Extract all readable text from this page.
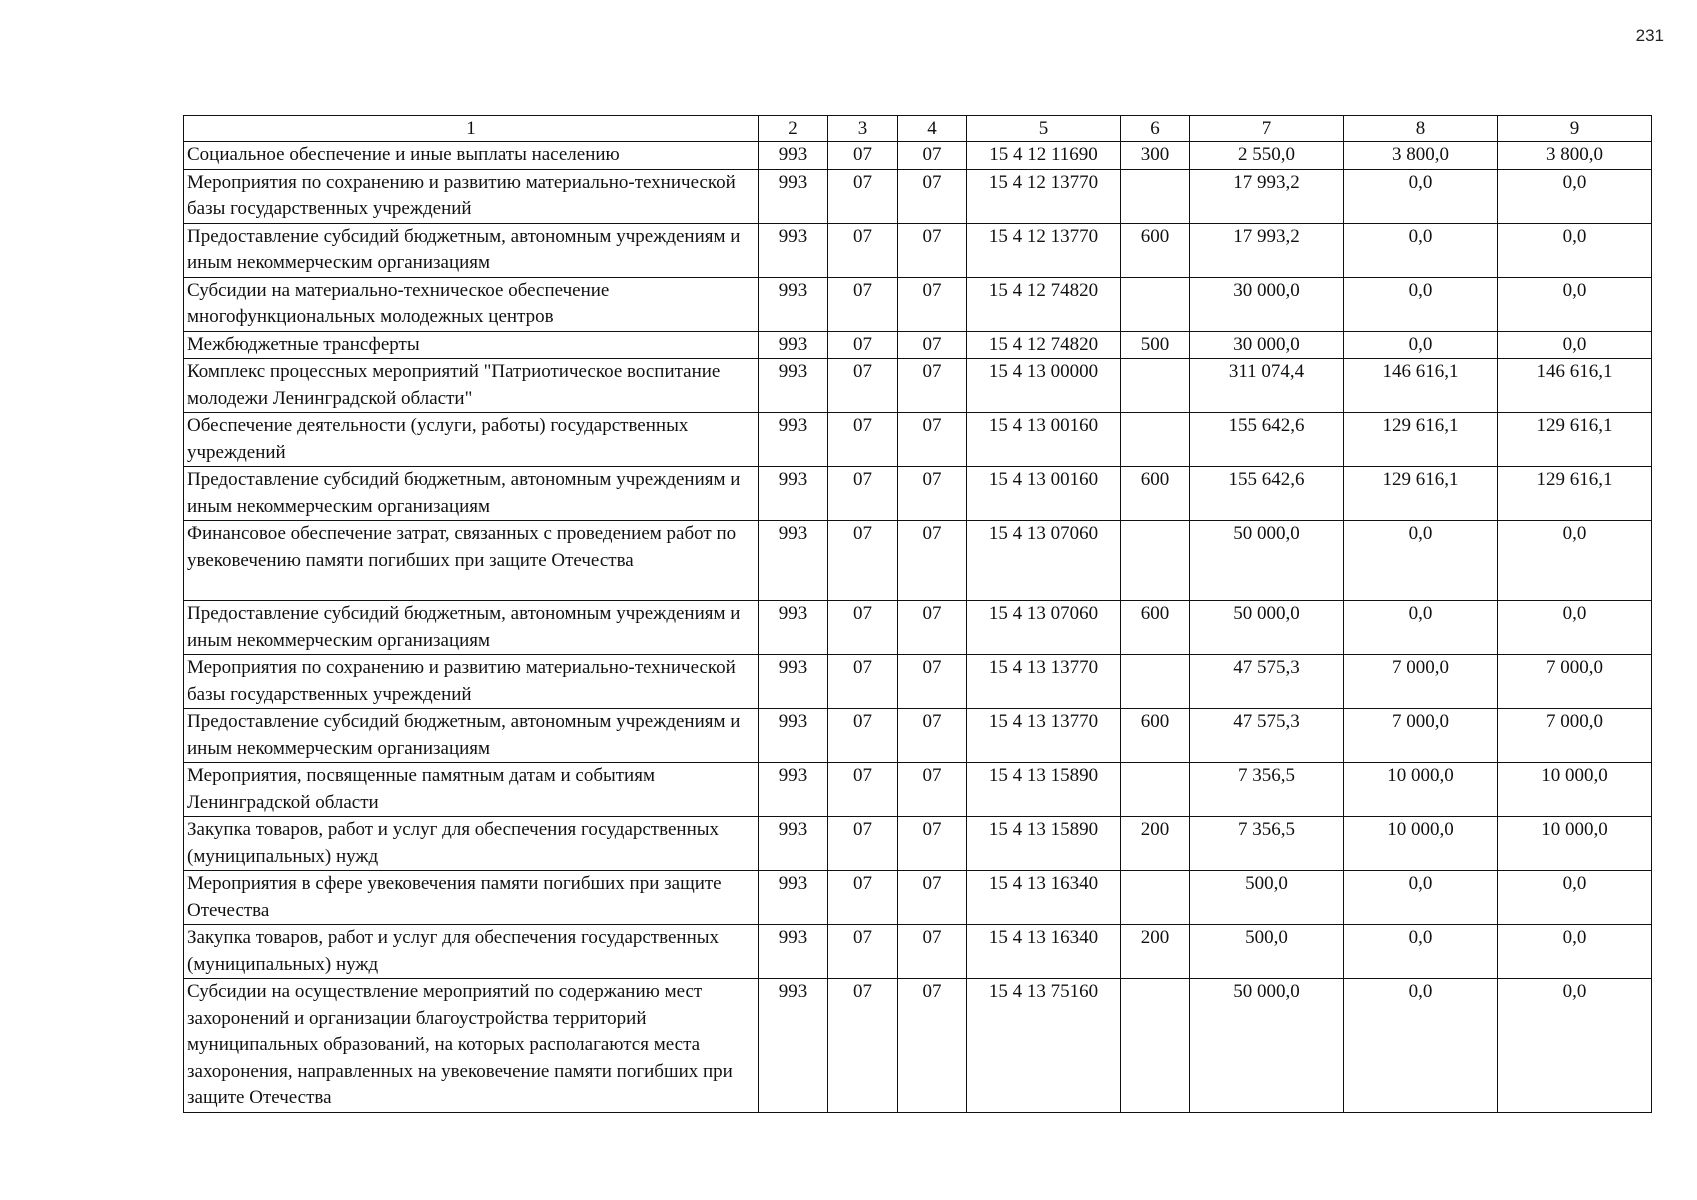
231
1	2	3	4	5	6	7	8	9
Социальное обеспечение и иные выплаты населению	993	07	07	15 4 12 11690	300	2 550,0	3 800,0	3 800,0
Мероприятия по сохранению и развитию материально-технической базы государственных учреждений	993	07	07	15 4 12 13770		17 993,2	0,0	0,0
Предоставление субсидий бюджетным, автономным учреждениям и иным некоммерческим организациям	993	07	07	15 4 12 13770	600	17 993,2	0,0	0,0
Субсидии на материально-техническое обеспечение многофункциональных молодежных центров	993	07	07	15 4 12 74820		30 000,0	0,0	0,0
Межбюджетные трансферты	993	07	07	15 4 12 74820	500	30 000,0	0,0	0,0
Комплекс процессных мероприятий "Патриотическое воспитание молодежи Ленинградской области"	993	07	07	15 4 13 00000		311 074,4	146 616,1	146 616,1
Обеспечение деятельности (услуги, работы) государственных учреждений	993	07	07	15 4 13 00160		155 642,6	129 616,1	129 616,1
Предоставление субсидий бюджетным, автономным учреждениям и иным некоммерческим организациям	993	07	07	15 4 13 00160	600	155 642,6	129 616,1	129 616,1
Финансовое обеспечение затрат, связанных с проведением работ по увековечению памяти погибших при защите Отечества	993	07	07	15 4 13 07060		50 000,0	0,0	0,0
Предоставление субсидий бюджетным, автономным учреждениям и иным некоммерческим организациям	993	07	07	15 4 13 07060	600	50 000,0	0,0	0,0
Мероприятия по сохранению и развитию материально-технической базы государственных учреждений	993	07	07	15 4 13 13770		47 575,3	7 000,0	7 000,0
Предоставление субсидий бюджетным, автономным учреждениям и иным некоммерческим организациям	993	07	07	15 4 13 13770	600	47 575,3	7 000,0	7 000,0
Мероприятия, посвященные памятным датам и событиям Ленинградской области	993	07	07	15 4 13 15890		7 356,5	10 000,0	10 000,0
Закупка товаров, работ и услуг для обеспечения государственных (муниципальных) нужд	993	07	07	15 4 13 15890	200	7 356,5	10 000,0	10 000,0
Мероприятия в сфере увековечения памяти погибших при защите Отечества	993	07	07	15 4 13 16340		500,0	0,0	0,0
Закупка товаров, работ и услуг для обеспечения государственных (муниципальных) нужд	993	07	07	15 4 13 16340	200	500,0	0,0	0,0
Субсидии на осуществление мероприятий по содержанию мест захоронений и организации благоустройства территорий муниципальных образований, на которых располагаются места захоронения, направленных на увековечение памяти погибших при защите Отечества	993	07	07	15 4 13 75160		50 000,0	0,0	0,0
